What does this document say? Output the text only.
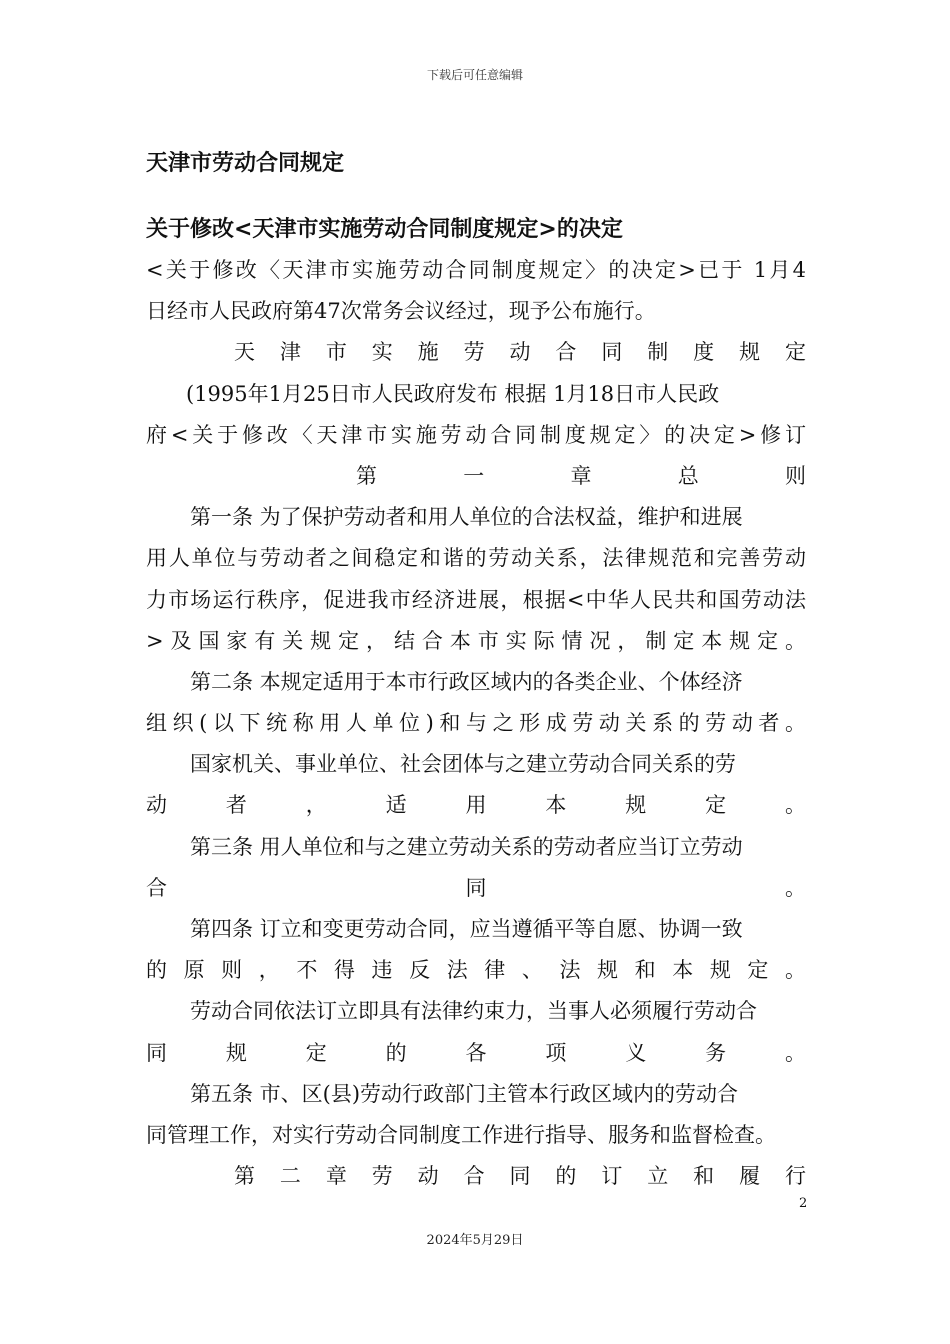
下载后可任意编辑
天津市劳动合同规定
关于修改<天津市实施劳动合同制度规定>的决定
<关于修改〈天津市实施劳动合同制度规定〉的决定>已于 1月4
日经市人民政府第47次常务会议经过，现予公布施行。
天津市实施劳动合同制度规定
(1995年1月25日市人民政府发布 根据 1月18日市人民政
府<关于修改〈天津市实施劳动合同制度规定〉的决定>修订
第一章总则
第一条 为了保护劳动者和用人单位的合法权益，维护和进展
用人单位与劳动者之间稳定和谐的劳动关系，法律规范和完善劳动
力市场运行秩序，促进我市经济进展，根据<中华人民共和国劳动法
>及国家有关规定，结合本市实际情况，制定本规定。
第二条 本规定适用于本市行政区域内的各类企业、个体经济
组织(以下统称用人单位)和与之形成劳动关系的劳动者。
国家机关、事业单位、社会团体与之建立劳动合同关系的劳
动者，适用本规定。
第三条 用人单位和与之建立劳动关系的劳动者应当订立劳动
合同。
第四条 订立和变更劳动合同，应当遵循平等自愿、协调一致
的原则，不得违反法律、法规和本规定。
劳动合同依法订立即具有法律约束力，当事人必须履行劳动合
同规定的各项义务。
第五条 市、区(县)劳动行政部门主管本行政区域内的劳动合
同管理工作，对实行劳动合同制度工作进行指导、服务和监督检查。
第二章劳动合同的订立和履行
2
2024年5月29日
